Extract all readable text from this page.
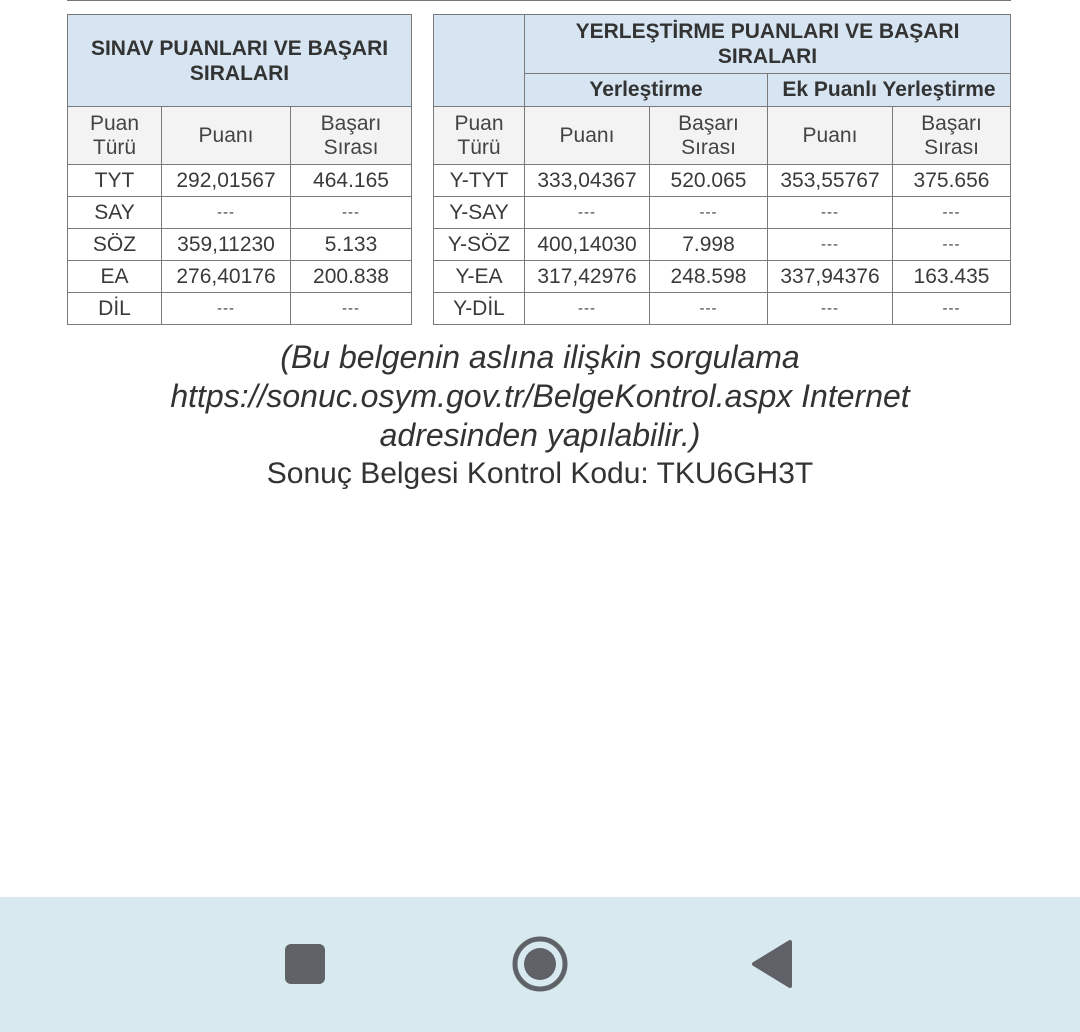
SINAV PUANLARI VE BAŞARI SIRALARI		
Puan Türü	Puanı	Başarı Sırası
TYT	292,01567	464.165
SAY	---	---
SÖZ	359,11230	5.133
EA	276,40176	200.838
DİL	---	---
	YERLEŞTİRME PUANLARI VE BAŞARI SIRALARI			
	Yerleştirme		Ek Puanlı Yerleştirme	
Puan Türü	Puanı	Başarı Sırası	Puanı	Başarı Sırası
Y-TYT	333,04367	520.065	353,55767	375.656
Y-SAY	---	---	---	---
Y-SÖZ	400,14030	7.998	---	---
Y-EA	317,42976	248.598	337,94376	163.435
Y-DİL	---	---	---	---
(Bu belgenin aslına ilişkin sorgulama
https://sonuc.osym.gov.tr/BelgeKontrol.aspx Internet
adresinden yapılabilir.)
Sonuç Belgesi Kontrol Kodu: TKU6GH3T
